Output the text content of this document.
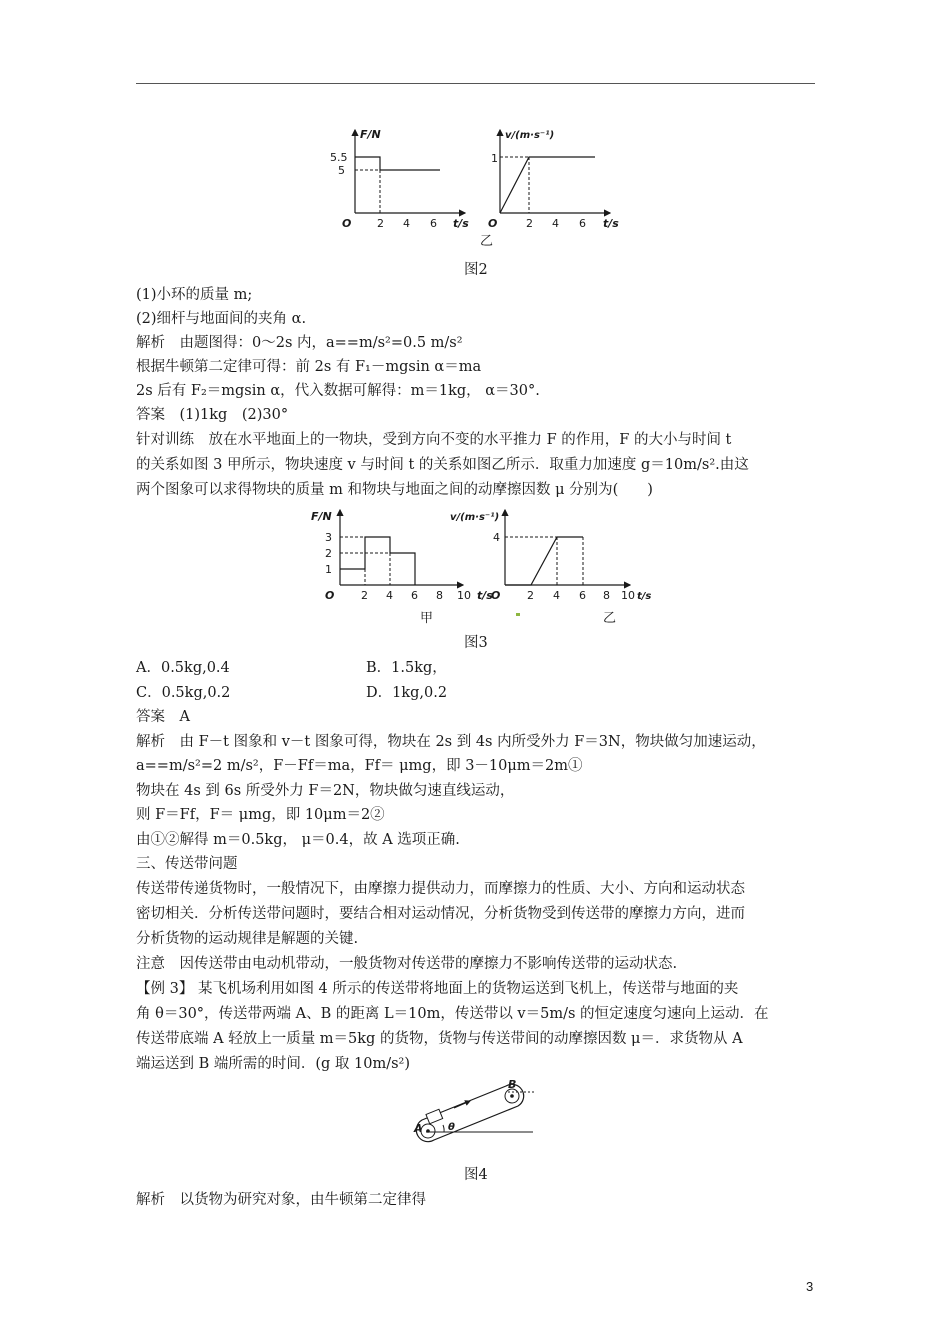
F/N
O
5.5
5
2 4 6 t/s
v/(m·s⁻¹)
O
1
2 4 6 t/s
乙
图2
(1)小环的质量 m;
(2)细杆与地面间的夹角 α.
解析　由题图得：0～2s 内，a==m/s²=0.5 m/s²
根据牛顿第二定律可得：前 2s 有 F₁－mgsin α＝ma
2s 后有 F₂＝mgsin α，代入数据可解得：m＝1kg， α＝30°.
答案　(1)1kg　(2)30°
针对训练　放在水平地面上的一物块，受到方向不变的水平推力 F 的作用，F 的大小与时间 t
的关系如图 3 甲所示，物块速度 v 与时间 t 的关系如图乙所示．取重力加速度 g＝10m/s².由这
两个图象可以求得物块的质量 m 和物块与地面之间的动摩擦因数 μ 分别为(　　)
F/N
3
2
1
O 2 4 6 8 10 t/s
甲
v/(m·s⁻¹)
4
O 2 4 6 8 10 t/s
乙
图3
A．0.5kg,0.4	B．1.5kg，
C．0.5kg,0.2	D．1kg,0.2
答案　A
解析　由 F－t 图象和 v－t 图象可得，物块在 2s 到 4s 内所受外力 F＝3N，物块做匀加速运动，
a==m/s²=2 m/s²，F－Ff＝ma，Ff＝ μmg，即 3－10μm＝2m①
物块在 4s 到 6s 所受外力 F＝2N，物块做匀速直线运动，
则 F＝Ff，F＝ μmg，即 10μm＝2②
由①②解得 m＝0.5kg， μ＝0.4，故 A 选项正确.
三、传送带问题
传送带传递货物时，一般情况下，由摩擦力提供动力，而摩擦力的性质、大小、方向和运动状态
密切相关．分析传送带问题时，要结合相对运动情况，分析货物受到传送带的摩擦力方向，进而
分析货物的运动规律是解题的关键.
注意　因传送带由电动机带动，一般货物对传送带的摩擦力不影响传送带的运动状态.
【例 3】 某飞机场利用如图 4 所示的传送带将地面上的货物运送到飞机上，传送带与地面的夹
角 θ＝30°，传送带两端 A、B 的距离 L＝10m，传送带以 v＝5m/s 的恒定速度匀速向上运动．在
传送带底端 A 轻放上一质量 m＝5kg 的货物，货物与传送带间的动摩擦因数 μ＝．求货物从 A
端运送到 B 端所需的时间．(g 取 10m/s²)
A
B
θ
图4
解析　以货物为研究对象，由牛顿第二定律得
3
